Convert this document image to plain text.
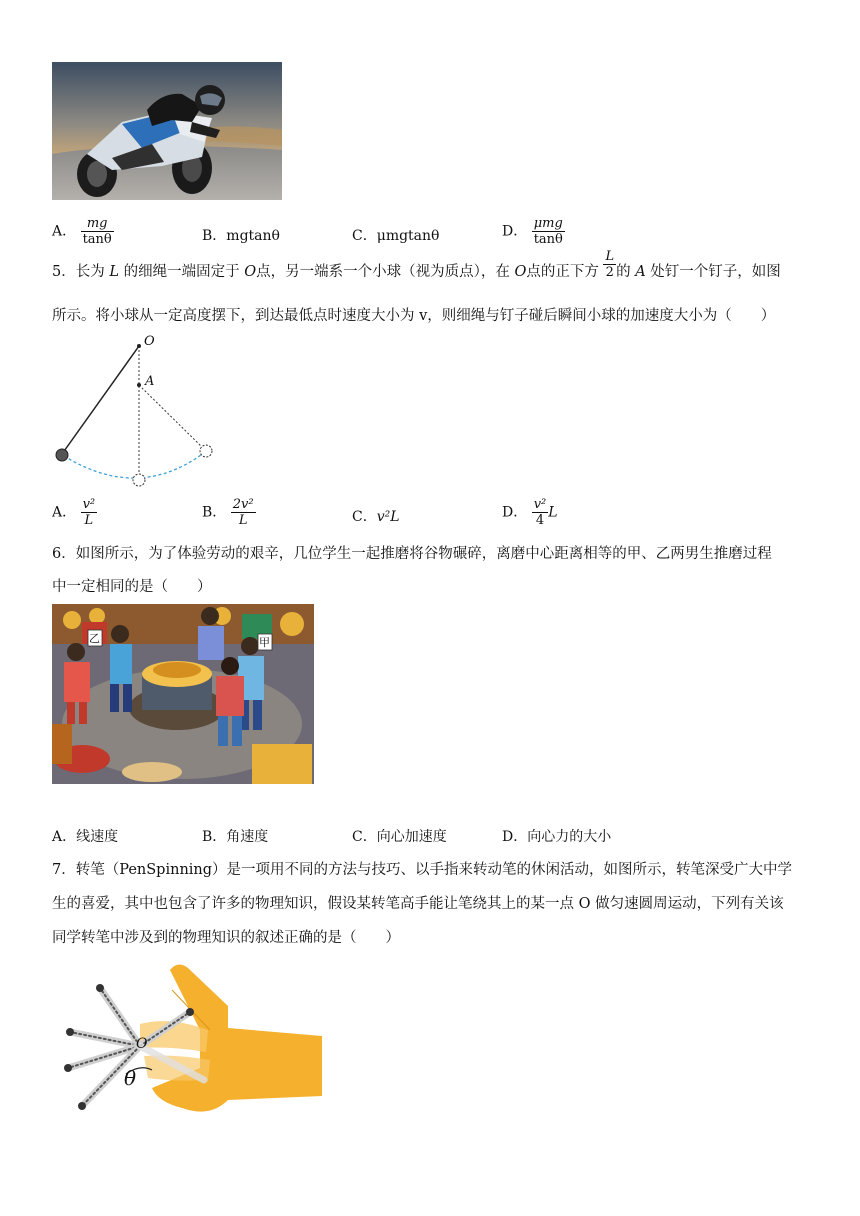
A． $\frac{mg}{\tan\theta}$	B．mgtanθ	C．μmgtanθ	D． $\frac{\text{μmg}}{\tan\theta}$
5．长为 L 的细绳一端固定于 O点，另一端系一个小球（视为质点），在 O点的正下方 $\frac{L}{2}$ 的 A 处钉一个钉子，如图
所示。将小球从一定高度摆下，到达最低点时速度大小为 v，则细绳与钉子碰后瞬间小球的加速度大小为（　　）
O
A
A． $\frac{\text{v²}}{L}$	B． $\frac{\text{2v²}}{L}$	C．v²L	D． $\frac{\text{v²}}{4}$ L
6．如图所示，为了体验劳动的艰辛，几位学生一起推磨将谷物碾碎，离磨中心距离相等的甲、乙两男生推磨过程
中一定相同的是（　　）
乙	甲
A．线速度	B．角速度	C．向心加速度	D．向心力的大小
7．转笔（PenSpinning）是一项用不同的方法与技巧、以手指来转动笔的休闲活动，如图所示，转笔深受广大中学
生的喜爱，其中也包含了许多的物理知识，假设某转笔高手能让笔绕其上的某一点 O 做匀速圆周运动，下列有关该
同学转笔中涉及到的物理知识的叙述正确的是（　　）
O
θ
